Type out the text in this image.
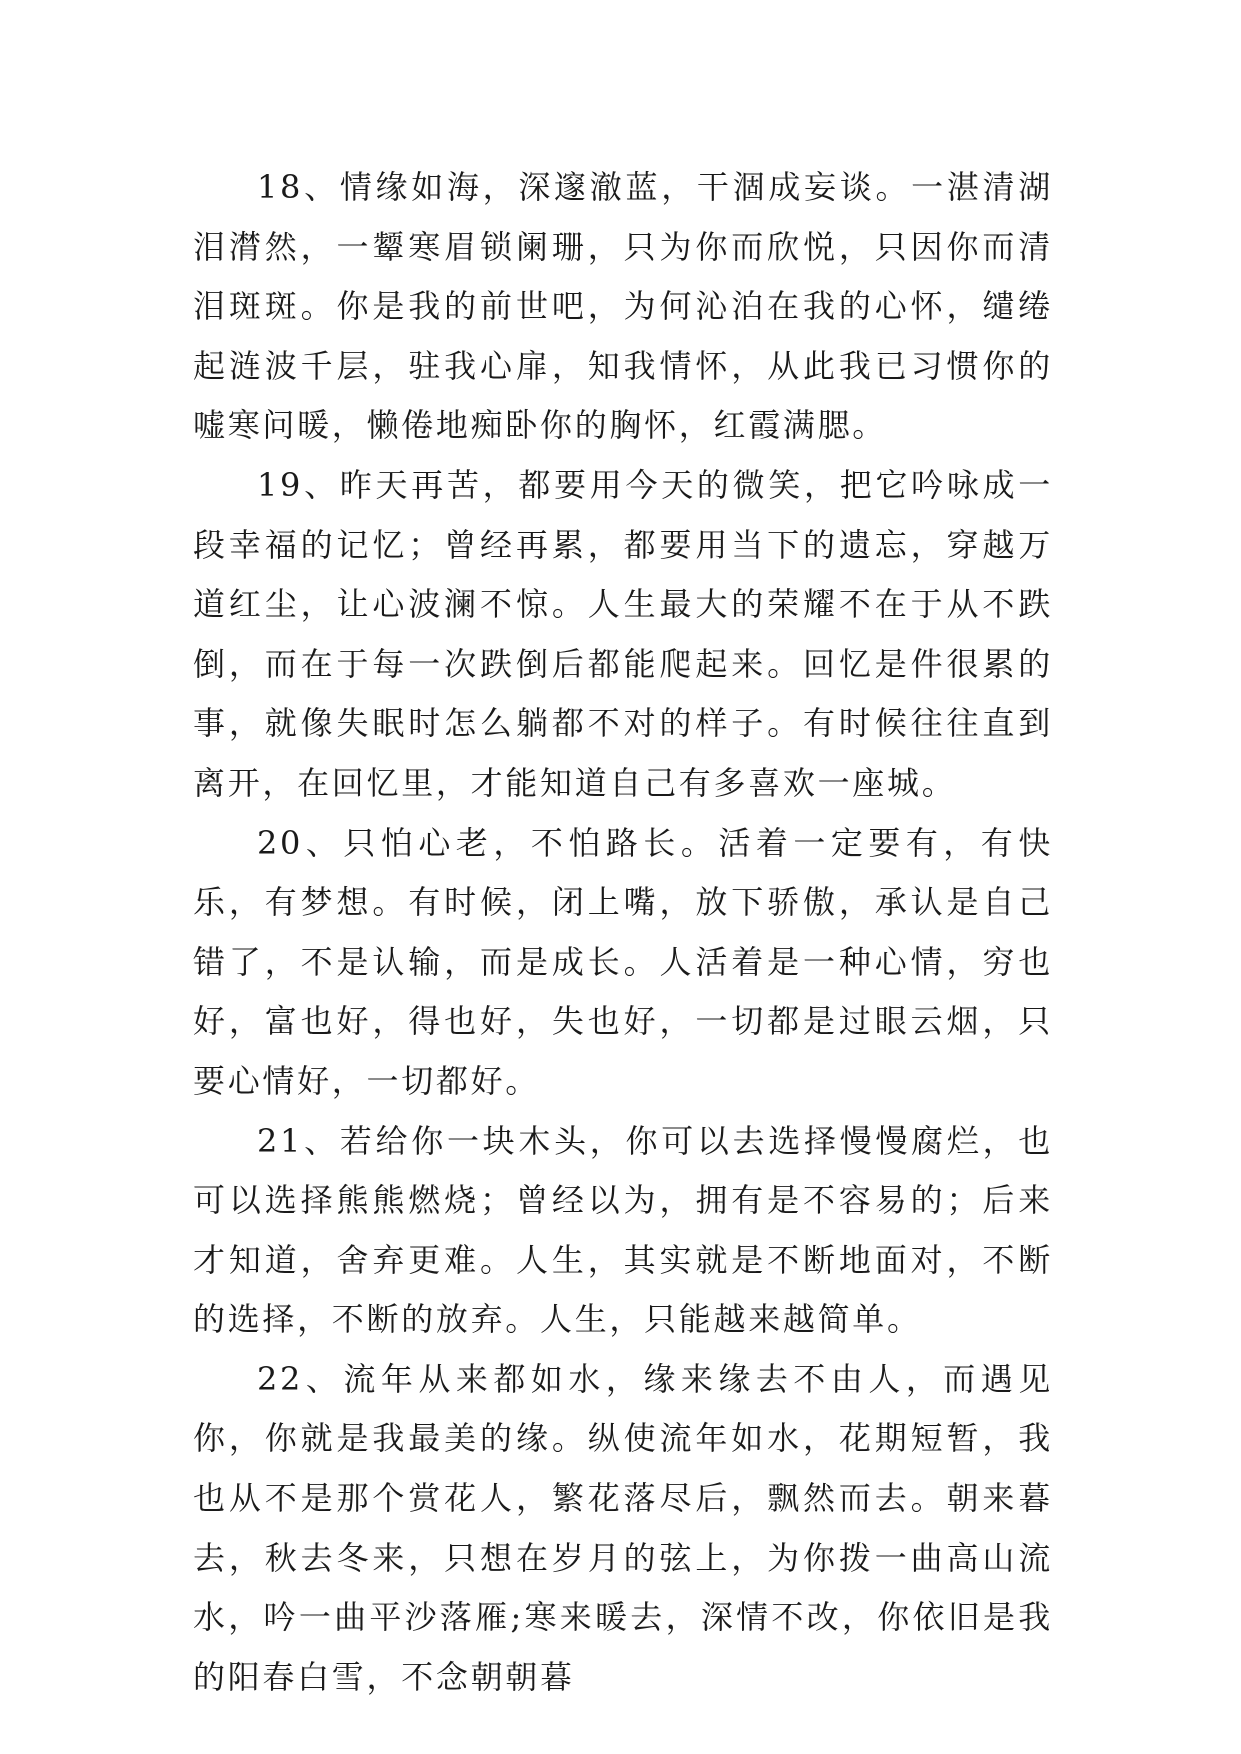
18、情缘如海，深邃澈蓝，干涸成妄谈。一湛清湖泪潸然，一颦寒眉锁阑珊，只为你而欣悦，只因你而清泪斑斑。你是我的前世吧，为何沁泊在我的心怀，缱绻起涟波千层，驻我心扉，知我情怀，从此我已习惯你的嘘寒问暖，懒倦地痴卧你的胸怀，红霞满腮。

19、昨天再苦，都要用今天的微笑，把它吟咏成一段幸福的记忆；曾经再累，都要用当下的遗忘，穿越万道红尘，让心波澜不惊。人生最大的荣耀不在于从不跌倒，而在于每一次跌倒后都能爬起来。回忆是件很累的事，就像失眠时怎么躺都不对的样子。有时候往往直到离开，在回忆里，才能知道自己有多喜欢一座城。

20、只怕心老，不怕路长。活着一定要有，有快乐，有梦想。有时候，闭上嘴，放下骄傲，承认是自己错了，不是认输，而是成长。人活着是一种心情，穷也好，富也好，得也好，失也好，一切都是过眼云烟，只要心情好，一切都好。

21、若给你一块木头，你可以去选择慢慢腐烂，也可以选择熊熊燃烧；曾经以为，拥有是不容易的；后来才知道，舍弃更难。人生，其实就是不断地面对，不断的选择，不断的放弃。人生，只能越来越简单。

22、流年从来都如水，缘来缘去不由人，而遇见你，你就是我最美的缘。纵使流年如水，花期短暂，我也从不是那个赏花人，繁花落尽后，飘然而去。朝来暮去，秋去冬来，只想在岁月的弦上，为你拨一曲高山流水，吟一曲平沙落雁;寒来暖去，深情不改，你依旧是我的阳春白雪，不念朝朝暮
